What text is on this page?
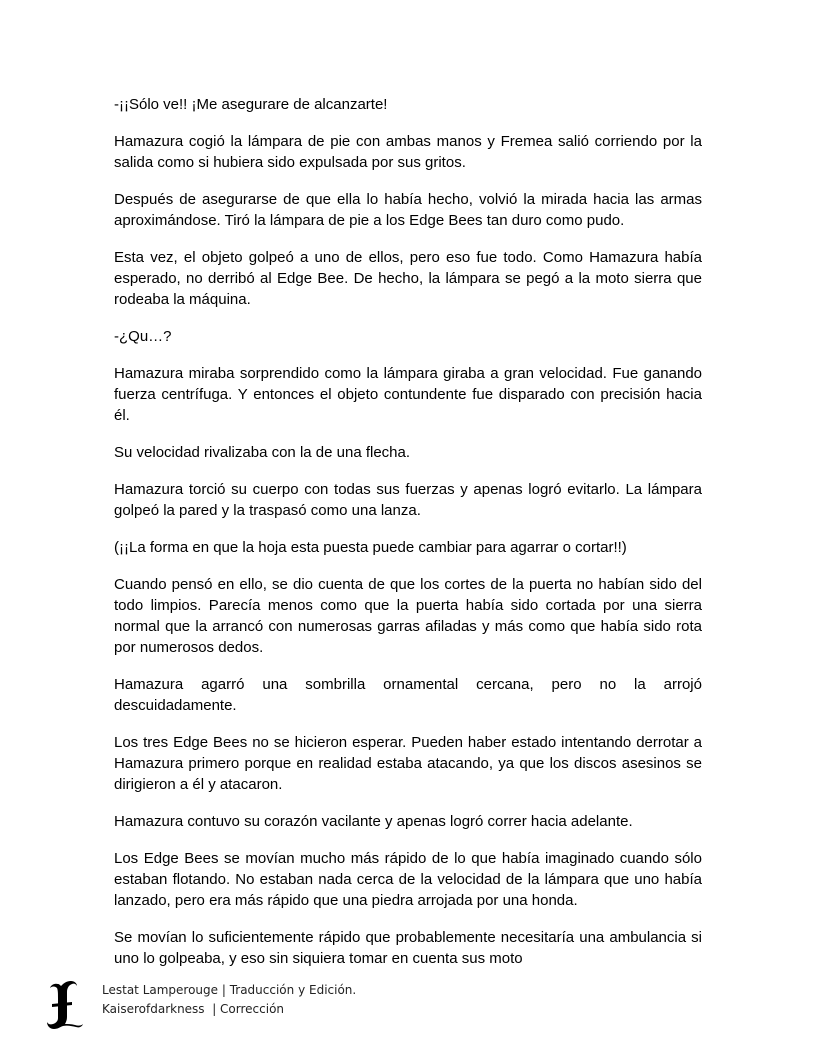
-¡¡Sólo ve!! ¡Me asegurare de alcanzarte!

Hamazura cogió la lámpara de pie con ambas manos y Fremea salió corriendo por la salida como si hubiera sido expulsada por sus gritos.

Después de asegurarse de que ella lo había hecho, volvió la mirada hacia las armas aproximándose. Tiró la lámpara de pie a los Edge Bees tan duro como pudo.

Esta vez, el objeto golpeó a uno de ellos, pero eso fue todo. Como Hamazura había esperado, no derribó al Edge Bee. De hecho, la lámpara se pegó a la moto sierra que rodeaba la máquina.

-¿Qu…?

Hamazura miraba sorprendido como la lámpara giraba a gran velocidad. Fue ganando fuerza centrífuga. Y entonces el objeto contundente fue disparado con precisión hacia él.

Su velocidad rivalizaba con la de una flecha.

Hamazura torció su cuerpo con todas sus fuerzas y apenas logró evitarlo. La lámpara golpeó la pared y la traspasó como una lanza.

(¡¡La forma en que la hoja esta puesta puede cambiar para agarrar o cortar!!)

Cuando pensó en ello, se dio cuenta de que los cortes de la puerta no habían sido del todo limpios. Parecía menos como que la puerta había sido cortada por una sierra normal que la arrancó con numerosas garras afiladas y más como que había sido rota por numerosos dedos.

Hamazura agarró una sombrilla ornamental cercana, pero no la arrojó descuidadamente.

Los tres Edge Bees no se hicieron esperar. Pueden haber estado intentando derrotar a Hamazura primero porque en realidad estaba atacando, ya que los discos asesinos se dirigieron a él y atacaron.

Hamazura contuvo su corazón vacilante y apenas logró correr hacia adelante.

Los Edge Bees se movían mucho más rápido de lo que había imaginado cuando sólo estaban flotando. No estaban nada cerca de la velocidad de la lámpara que uno había lanzado, pero era más rápido que una piedra arrojada por una honda.

Se movían lo suficientemente rápido que probablemente necesitaría una ambulancia si uno lo golpeaba, y eso sin siquiera tomar en cuenta sus moto

Lestat Lamperouge | Traducción y Edición.
Kaiserofdarkness  | Corrección
